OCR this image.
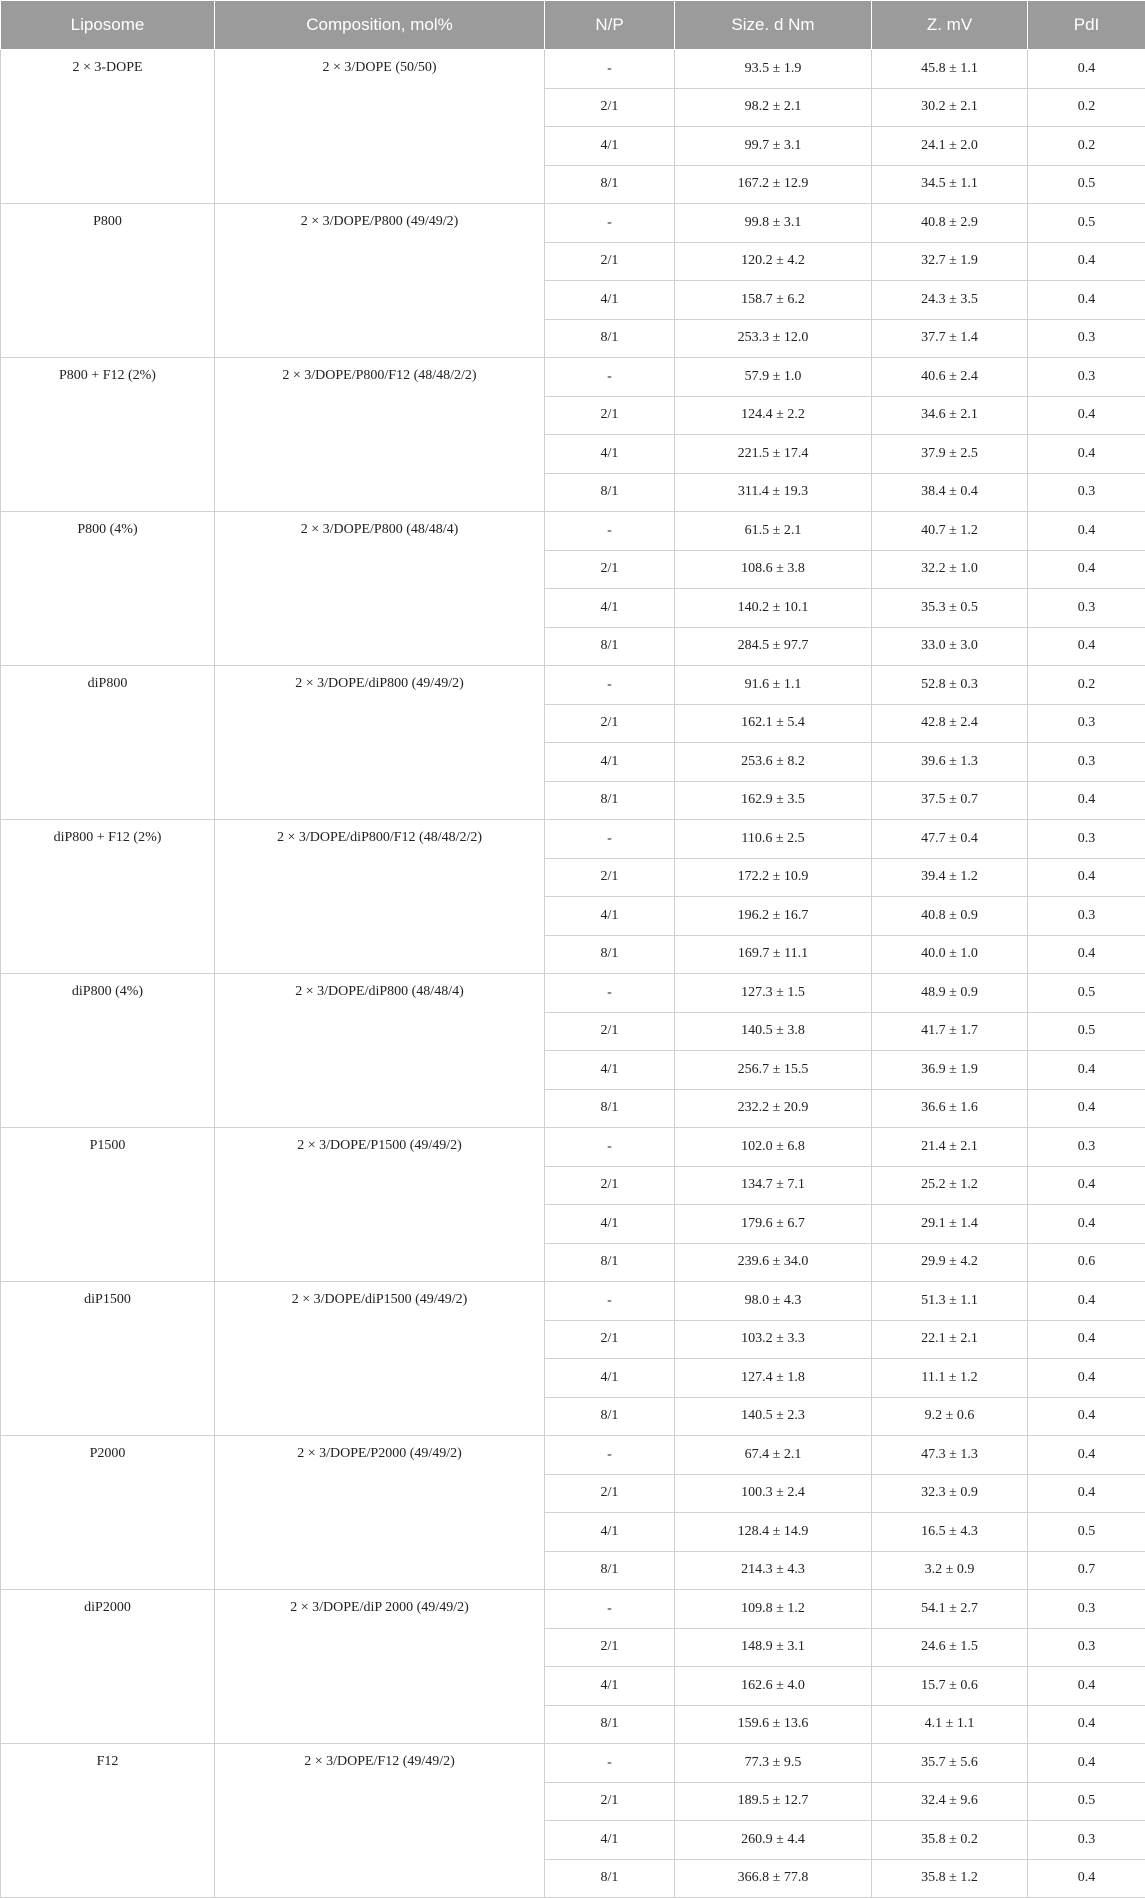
Liposome	Composition, mol%	N/P	Size. d Nm	Z. mV	PdI
2 × 3-DOPE	2 × 3/DOPE (50/50)	-	93.5 ± 1.9	45.8 ± 1.1	0.4
		2/1	98.2 ± 2.1	30.2 ± 2.1	0.2
		4/1	99.7 ± 3.1	24.1 ± 2.0	0.2
		8/1	167.2 ± 12.9	34.5 ± 1.1	0.5
P800	2 × 3/DOPE/P800 (49/49/2)	-	99.8 ± 3.1	40.8 ± 2.9	0.5
		2/1	120.2 ± 4.2	32.7 ± 1.9	0.4
		4/1	158.7 ± 6.2	24.3 ± 3.5	0.4
		8/1	253.3 ± 12.0	37.7 ± 1.4	0.3
P800 + F12 (2%)	2 × 3/DOPE/P800/F12 (48/48/2/2)	-	57.9 ± 1.0	40.6 ± 2.4	0.3
		2/1	124.4 ± 2.2	34.6 ± 2.1	0.4
		4/1	221.5 ± 17.4	37.9 ± 2.5	0.4
		8/1	311.4 ± 19.3	38.4 ± 0.4	0.3
P800 (4%)	2 × 3/DOPE/P800 (48/48/4)	-	61.5 ± 2.1	40.7 ± 1.2	0.4
		2/1	108.6 ± 3.8	32.2 ± 1.0	0.4
		4/1	140.2 ± 10.1	35.3 ± 0.5	0.3
		8/1	284.5 ± 97.7	33.0 ± 3.0	0.4
diP800	2 × 3/DOPE/diP800 (49/49/2)	-	91.6 ± 1.1	52.8 ± 0.3	0.2
		2/1	162.1 ± 5.4	42.8 ± 2.4	0.3
		4/1	253.6 ± 8.2	39.6 ± 1.3	0.3
		8/1	162.9 ± 3.5	37.5 ± 0.7	0.4
diP800 + F12 (2%)	2 × 3/DOPE/diP800/F12 (48/48/2/2)	-	110.6 ± 2.5	47.7 ± 0.4	0.3
		2/1	172.2 ± 10.9	39.4 ± 1.2	0.4
		4/1	196.2 ± 16.7	40.8 ± 0.9	0.3
		8/1	169.7 ± 11.1	40.0 ± 1.0	0.4
diP800 (4%)	2 × 3/DOPE/diP800 (48/48/4)	-	127.3 ± 1.5	48.9 ± 0.9	0.5
		2/1	140.5 ± 3.8	41.7 ± 1.7	0.5
		4/1	256.7 ± 15.5	36.9 ± 1.9	0.4
		8/1	232.2 ± 20.9	36.6 ± 1.6	0.4
P1500	2 × 3/DOPE/P1500 (49/49/2)	-	102.0 ± 6.8	21.4 ± 2.1	0.3
		2/1	134.7 ± 7.1	25.2 ± 1.2	0.4
		4/1	179.6 ± 6.7	29.1 ± 1.4	0.4
		8/1	239.6 ± 34.0	29.9 ± 4.2	0.6
diP1500	2 × 3/DOPE/diP1500 (49/49/2)	-	98.0 ± 4.3	51.3 ± 1.1	0.4
		2/1	103.2 ± 3.3	22.1 ± 2.1	0.4
		4/1	127.4 ± 1.8	11.1 ± 1.2	0.4
		8/1	140.5 ± 2.3	9.2 ± 0.6	0.4
P2000	2 × 3/DOPE/P2000 (49/49/2)	-	67.4 ± 2.1	47.3 ± 1.3	0.4
		2/1	100.3 ± 2.4	32.3 ± 0.9	0.4
		4/1	128.4 ± 14.9	16.5 ± 4.3	0.5
		8/1	214.3 ± 4.3	3.2 ± 0.9	0.7
diP2000	2 × 3/DOPE/diP 2000 (49/49/2)	-	109.8 ± 1.2	54.1 ± 2.7	0.3
		2/1	148.9 ± 3.1	24.6 ± 1.5	0.3
		4/1	162.6 ± 4.0	15.7 ± 0.6	0.4
		8/1	159.6 ± 13.6	4.1 ± 1.1	0.4
F12	2 × 3/DOPE/F12 (49/49/2)	-	77.3 ± 9.5	35.7 ± 5.6	0.4
		2/1	189.5 ± 12.7	32.4 ± 9.6	0.5
		4/1	260.9 ± 4.4	35.8 ± 0.2	0.3
		8/1	366.8 ± 77.8	35.8 ± 1.2	0.4
